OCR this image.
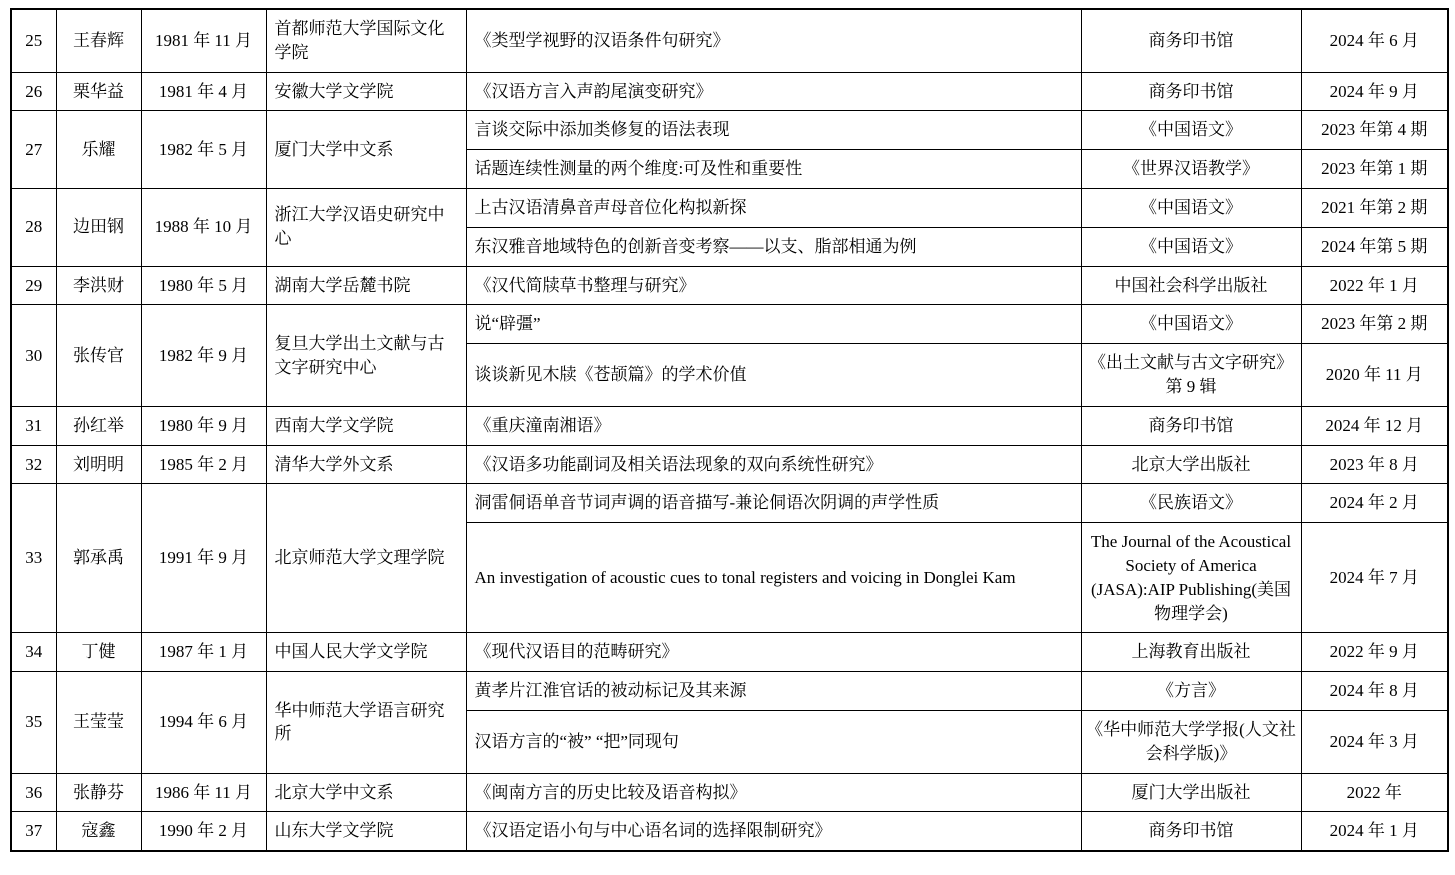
25	王春辉	1981 年 11 月	首都师范大学国际文化学院	《类型学视野的汉语条件句研究》	商务印书馆	2024 年 6 月
26	栗华益	1981 年 4 月	安徽大学文学院	《汉语方言入声韵尾演变研究》	商务印书馆	2024 年 9 月
27	乐耀	1982 年 5 月	厦门大学中文系	言谈交际中添加类修复的语法表现	《中国语文》	2023 年第 4 期
				话题连续性测量的两个维度:可及性和重要性	《世界汉语教学》	2023 年第 1 期
28	边田钢	1988 年 10 月	浙江大学汉语史研究中心	上古汉语清鼻音声母音位化构拟新探	《中国语文》	2021 年第 2 期
				东汉雅音地域特色的创新音变考察——以支、脂部相通为例	《中国语文》	2024 年第 5 期
29	李洪财	1980 年 5 月	湖南大学岳麓书院	《汉代简牍草书整理与研究》	中国社会科学出版社	2022 年 1 月
30	张传官	1982 年 9 月	复旦大学出土文献与古文字研究中心	说“辟彊”	《中国语文》	2023 年第 2 期
				谈谈新见木牍《苍颉篇》的学术价值	《出土文献与古文字研究》第 9 辑	2020 年 11 月
31	孙红举	1980 年 9 月	西南大学文学院	《重庆潼南湘语》	商务印书馆	2024 年 12 月
32	刘明明	1985 年 2 月	清华大学外文系	《汉语多功能副词及相关语法现象的双向系统性研究》	北京大学出版社	2023 年 8 月
33	郭承禹	1991 年 9 月	北京师范大学文理学院	洞雷侗语单音节词声调的语音描写-兼论侗语次阴调的声学性质	《民族语文》	2024 年 2 月
				An investigation of acoustic cues to tonal registers and voicing in Donglei Kam	The Journal of the Acoustical Society of America (JASA):AIP Publishing(美国物理学会)	2024 年 7 月
34	丁健	1987 年 1 月	中国人民大学文学院	《现代汉语目的范畴研究》	上海教育出版社	2022 年 9 月
35	王莹莹	1994 年 6 月	华中师范大学语言研究所	黄孝片江淮官话的被动标记及其来源	《方言》	2024 年 8 月
				汉语方言的“被” “把”同现句	《华中师范大学学报(人文社会科学版)》	2024 年 3 月
36	张静芬	1986 年 11 月	北京大学中文系	《闽南方言的历史比较及语音构拟》	厦门大学出版社	2022 年
37	寇鑫	1990 年 2 月	山东大学文学院	《汉语定语小句与中心语名词的选择限制研究》	商务印书馆	2024 年 1 月
